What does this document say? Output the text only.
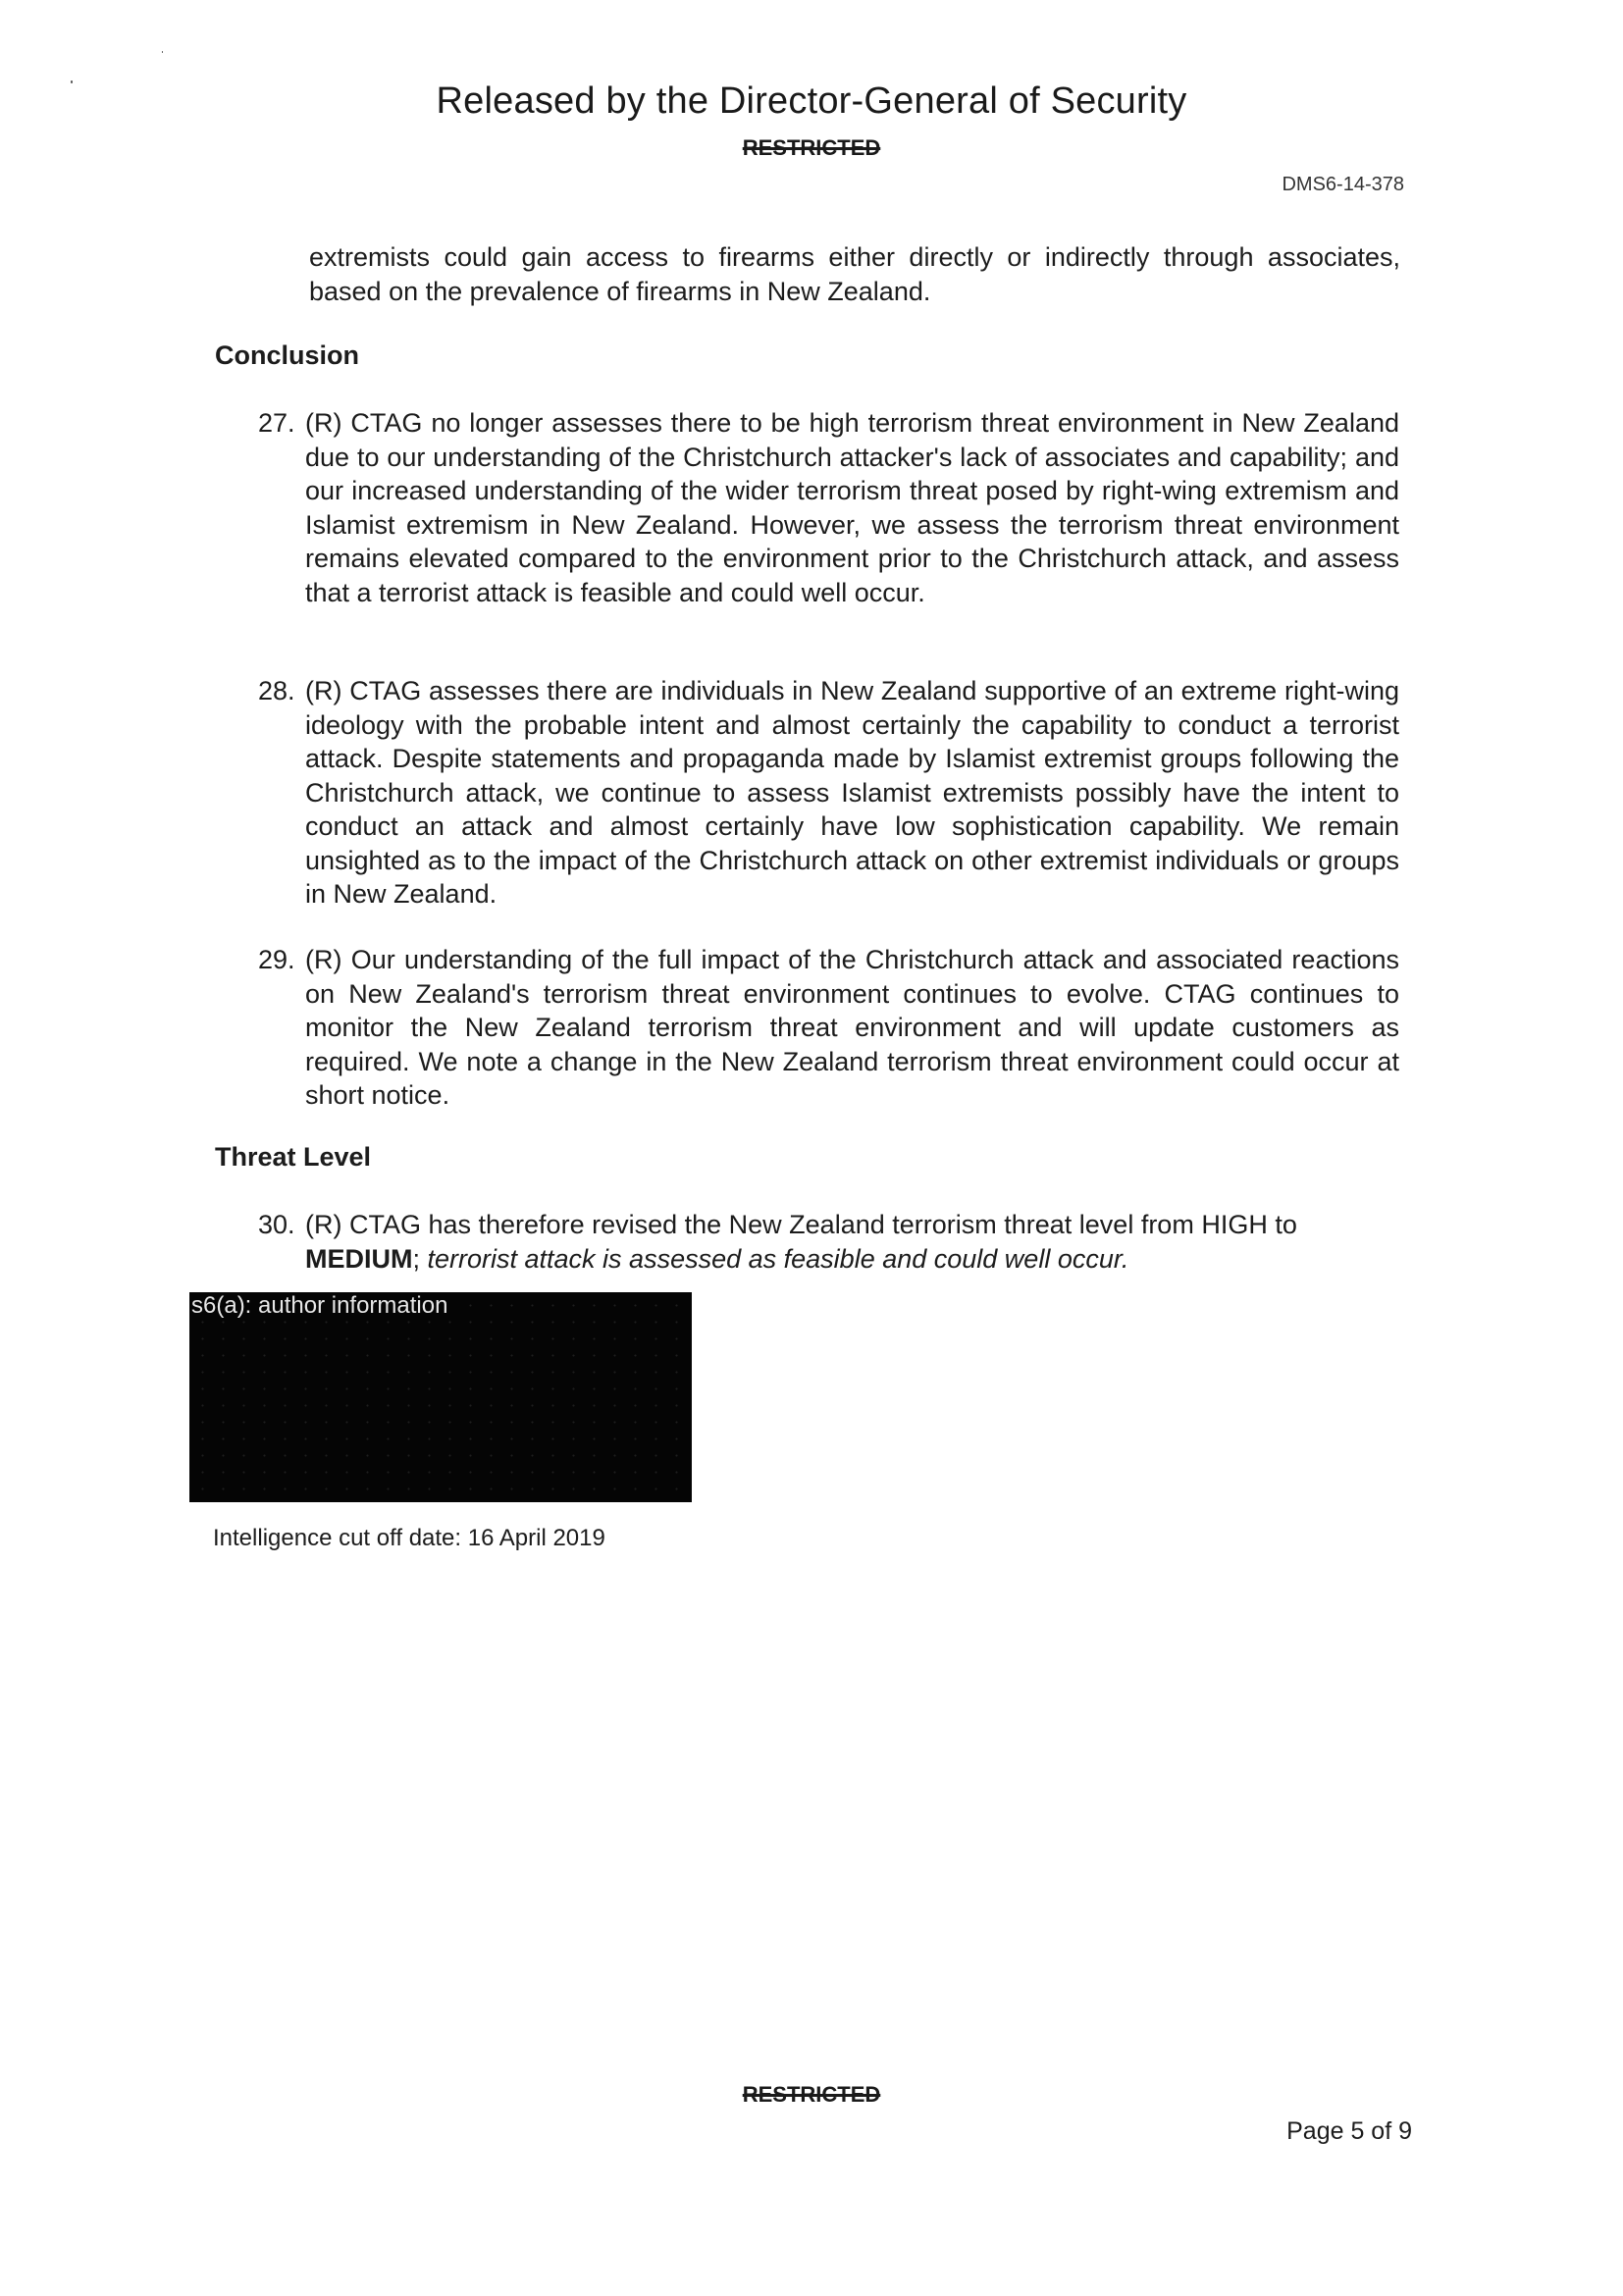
Released by the Director-General of Security
RESTRICTED
DMS6-14-378
extremists could gain access to firearms either directly or indirectly through associates, based on the prevalence of firearms in New Zealand.
Conclusion
27. (R) CTAG no longer assesses there to be high terrorism threat environment in New Zealand due to our understanding of the Christchurch attacker's lack of associates and capability; and our increased understanding of the wider terrorism threat posed by right-wing extremism and Islamist extremism in New Zealand. However, we assess the terrorism threat environment remains elevated compared to the environment prior to the Christchurch attack, and assess that a terrorist attack is feasible and could well occur.
28. (R) CTAG assesses there are individuals in New Zealand supportive of an extreme right-wing ideology with the probable intent and almost certainly the capability to conduct a terrorist attack. Despite statements and propaganda made by Islamist extremist groups following the Christchurch attack, we continue to assess Islamist extremists possibly have the intent to conduct an attack and almost certainly have low sophistication capability. We remain unsighted as to the impact of the Christchurch attack on other extremist individuals or groups in New Zealand.
29. (R) Our understanding of the full impact of the Christchurch attack and associated reactions on New Zealand's terrorism threat environment continues to evolve. CTAG continues to monitor the New Zealand terrorism threat environment and will update customers as required. We note a change in the New Zealand terrorism threat environment could occur at short notice.
Threat Level
30. (R) CTAG has therefore revised the New Zealand terrorism threat level from HIGH to MEDIUM; terrorist attack is assessed as feasible and could well occur.
s6(a): author information
Intelligence cut off date: 16 April 2019
RESTRICTED
Page 5 of 9
